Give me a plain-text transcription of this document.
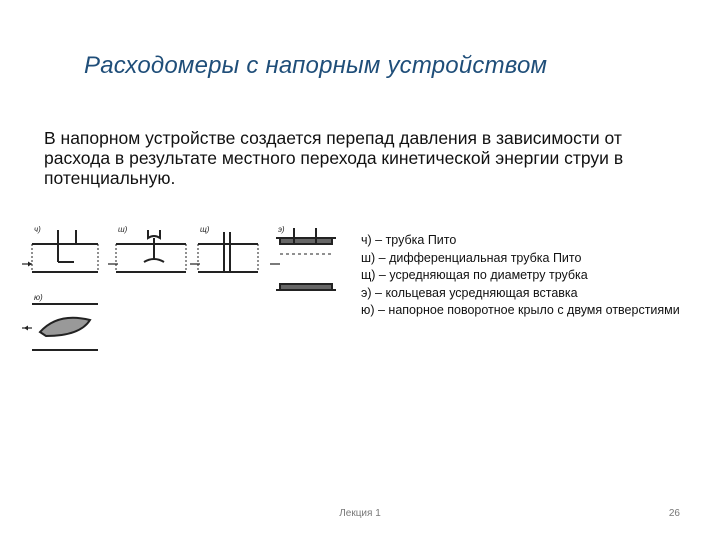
Расходомеры с напорным устройством
В напорном устройстве создается перепад давления в зависимости от расхода в результате местного перехода кинетической энергии струи в потенциальную.
ч)	ш)	щ)	э)
ю)
ч) – трубка Пито
ш) – дифференциальная трубка Пито
щ) – усредняющая по диаметру трубка
э) – кольцевая усредняющая вставка
ю) – напорное поворотное крыло с двумя отверстиями
Лекция 1	26
